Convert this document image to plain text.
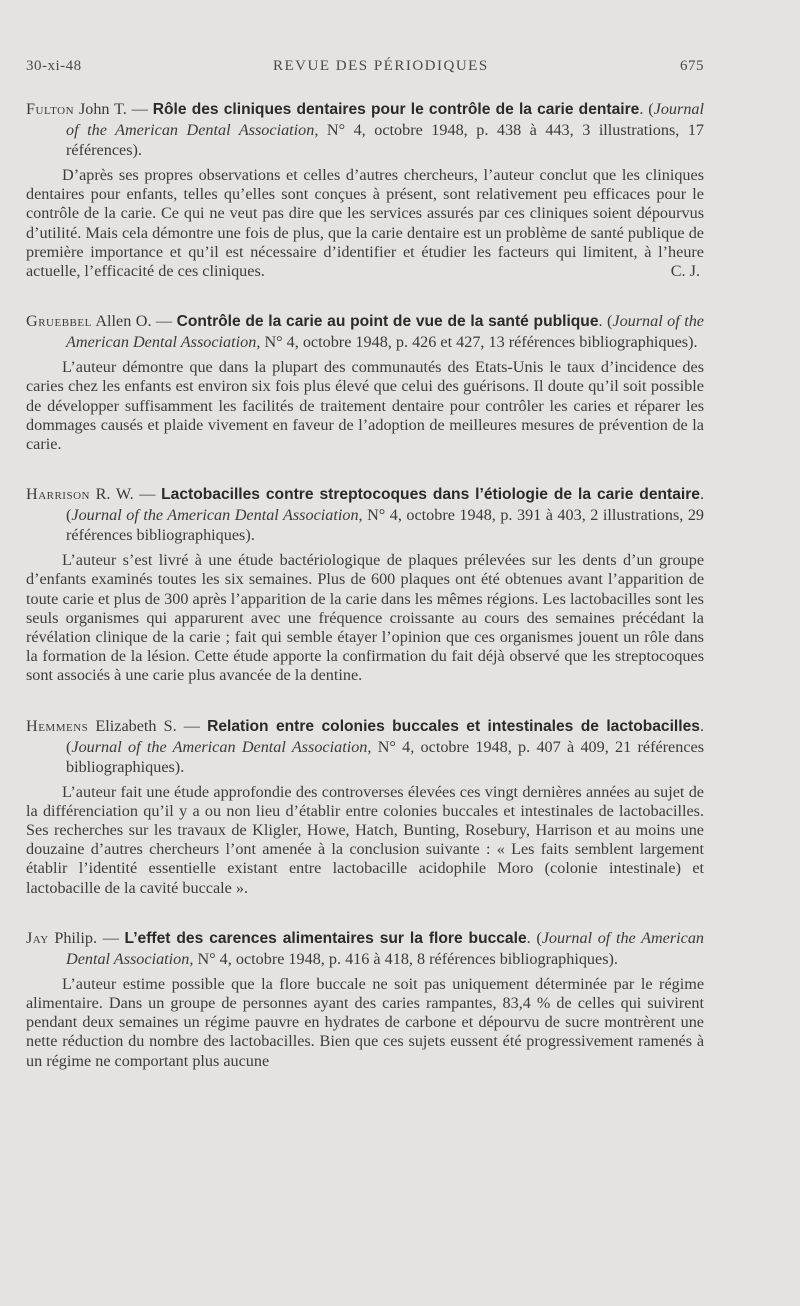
30-xi-48	REVUE DES PÉRIODIQUES	675

Fulton John T. — Rôle des cliniques dentaires pour le contrôle de la carie dentaire. (Journal of the American Dental Association, N° 4, octobre 1948, p. 438 à 443, 3 illustrations, 17 références).

D’après ses propres observations et celles d’autres chercheurs, l’auteur conclut que les cliniques dentaires pour enfants, telles qu’elles sont conçues à présent, sont relativement peu efficaces pour le contrôle de la carie. Ce qui ne veut pas dire que les services assurés par ces cliniques soient dépourvus d’utilité. Mais cela démontre une fois de plus, que la carie dentaire est un problème de santé publique de première importance et qu’il est nécessaire d’identifier et étudier les facteurs qui limitent, à l’heure actuelle, l’efficacité de ces cliniques.	C. J.

Gruebbel Allen O. — Contrôle de la carie au point de vue de la santé publique. (Journal of the American Dental Association, N° 4, octobre 1948, p. 426 et 427, 13 références bibliographiques).

L’auteur démontre que dans la plupart des communautés des Etats-Unis le taux d’incidence des caries chez les enfants est environ six fois plus élevé que celui des guérisons. Il doute qu’il soit possible de développer suffisamment les facilités de traitement dentaire pour contrôler les caries et réparer les dommages causés et plaide vivement en faveur de l’adoption de meilleures mesures de prévention de la carie.

Harrison R. W. — Lactobacilles contre streptocoques dans l’étiologie de la carie dentaire. (Journal of the American Dental Association, N° 4, octobre 1948, p. 391 à 403, 2 illustrations, 29 références bibliographiques).

L’auteur s’est livré à une étude bactériologique de plaques prélevées sur les dents d’un groupe d’enfants examinés toutes les six semaines. Plus de 600 plaques ont été obtenues avant l’apparition de toute carie et plus de 300 après l’apparition de la carie dans les mêmes régions. Les lactobacilles sont les seuls organismes qui apparurent avec une fréquence croissante au cours des semaines précédant la révélation clinique de la carie ; fait qui semble étayer l’opinion que ces organismes jouent un rôle dans la formation de la lésion. Cette étude apporte la confirmation du fait déjà observé que les streptocoques sont associés à une carie plus avancée de la dentine.

Hemmens Elizabeth S. — Relation entre colonies buccales et intestinales de lactobacilles. (Journal of the American Dental Association, N° 4, octobre 1948, p. 407 à 409, 21 références bibliographiques).

L’auteur fait une étude approfondie des controverses élevées ces vingt dernières années au sujet de la différenciation qu’il y a ou non lieu d’établir entre colonies buccales et intestinales de lactobacilles. Ses recherches sur les travaux de Kligler, Howe, Hatch, Bunting, Rosebury, Harrison et au moins une douzaine d’autres chercheurs l’ont amenée à la conclusion suivante : « Les faits semblent largement établir l’identité essentielle existant entre lactobacille acidophile Moro (colonie intestinale) et lactobacille de la cavité buccale ».

Jay Philip. — L’effet des carences alimentaires sur la flore buccale. (Journal of the American Dental Association, N° 4, octobre 1948, p. 416 à 418, 8 références bibliographiques).

L’auteur estime possible que la flore buccale ne soit pas uniquement déterminée par le régime alimentaire. Dans un groupe de personnes ayant des caries rampantes, 83,4 % de celles qui suivirent pendant deux semaines un régime pauvre en hydrates de carbone et dépourvu de sucre montrèrent une nette réduction du nombre des lactobacilles. Bien que ces sujets eussent été progressivement ramenés à un régime ne comportant plus aucune
